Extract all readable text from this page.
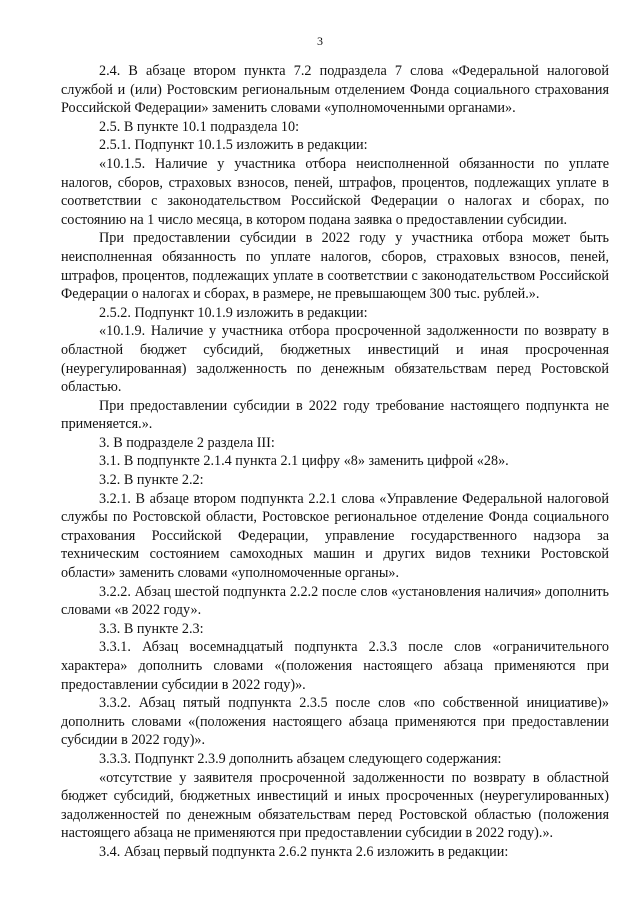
3

2.4. В абзаце втором пункта 7.2 подраздела 7 слова «Федеральной налоговой службой и (или) Ростовским региональным отделением Фонда социального страхования Российской Федерации» заменить словами «уполномоченными органами».

2.5. В пункте 10.1 подраздела 10:

2.5.1. Подпункт 10.1.5 изложить в редакции:

«10.1.5. Наличие у участника отбора неисполненной обязанности по уплате налогов, сборов, страховых взносов, пеней, штрафов, процентов, подлежащих уплате в соответствии с законодательством Российской Федерации о налогах и сборах, по состоянию на 1 число месяца, в котором подана заявка о предоставлении субсидии.

При предоставлении субсидии в 2022 году у участника отбора может быть неисполненная обязанность по уплате налогов, сборов, страховых взносов, пеней, штрафов, процентов, подлежащих уплате в соответствии с законодательством Российской Федерации о налогах и сборах, в размере, не превышающем 300 тыс. рублей.».

2.5.2. Подпункт 10.1.9 изложить в редакции:

«10.1.9. Наличие у участника отбора просроченной задолженности по возврату в областной бюджет субсидий, бюджетных инвестиций и иная просроченная (неурегулированная) задолженность по денежным обязательствам перед Ростовской областью.

При предоставлении субсидии в 2022 году требование настоящего подпункта не применяется.».

3. В подразделе 2 раздела III:

3.1. В подпункте 2.1.4 пункта 2.1 цифру «8» заменить цифрой «28».

3.2. В пункте 2.2:

3.2.1. В абзаце втором подпункта 2.2.1 слова «Управление Федеральной налоговой службы по Ростовской области, Ростовское региональное отделение Фонда социального страхования Российской Федерации, управление государственного надзора за техническим состоянием самоходных машин и других видов техники Ростовской области» заменить словами «уполномоченные органы».

3.2.2. Абзац шестой подпункта 2.2.2 после слов «установления наличия» дополнить словами «в 2022 году».

3.3. В пункте 2.3:

3.3.1. Абзац восемнадцатый подпункта 2.3.3 после слов «ограничительного характера» дополнить словами «(положения настоящего абзаца применяются при предоставлении субсидии в 2022 году)».

3.3.2. Абзац пятый подпункта 2.3.5 после слов «по собственной инициативе)» дополнить словами «(положения настоящего абзаца применяются при предоставлении субсидии в 2022 году)».

3.3.3. Подпункт 2.3.9 дополнить абзацем следующего содержания:

«отсутствие у заявителя просроченной задолженности по возврату в областной бюджет субсидий, бюджетных инвестиций и иных просроченных (неурегулированных) задолженностей по денежным обязательствам перед Ростовской областью (положения настоящего абзаца не применяются при предоставлении субсидии в 2022 году).».

3.4. Абзац первый подпункта 2.6.2 пункта 2.6 изложить в редакции:
